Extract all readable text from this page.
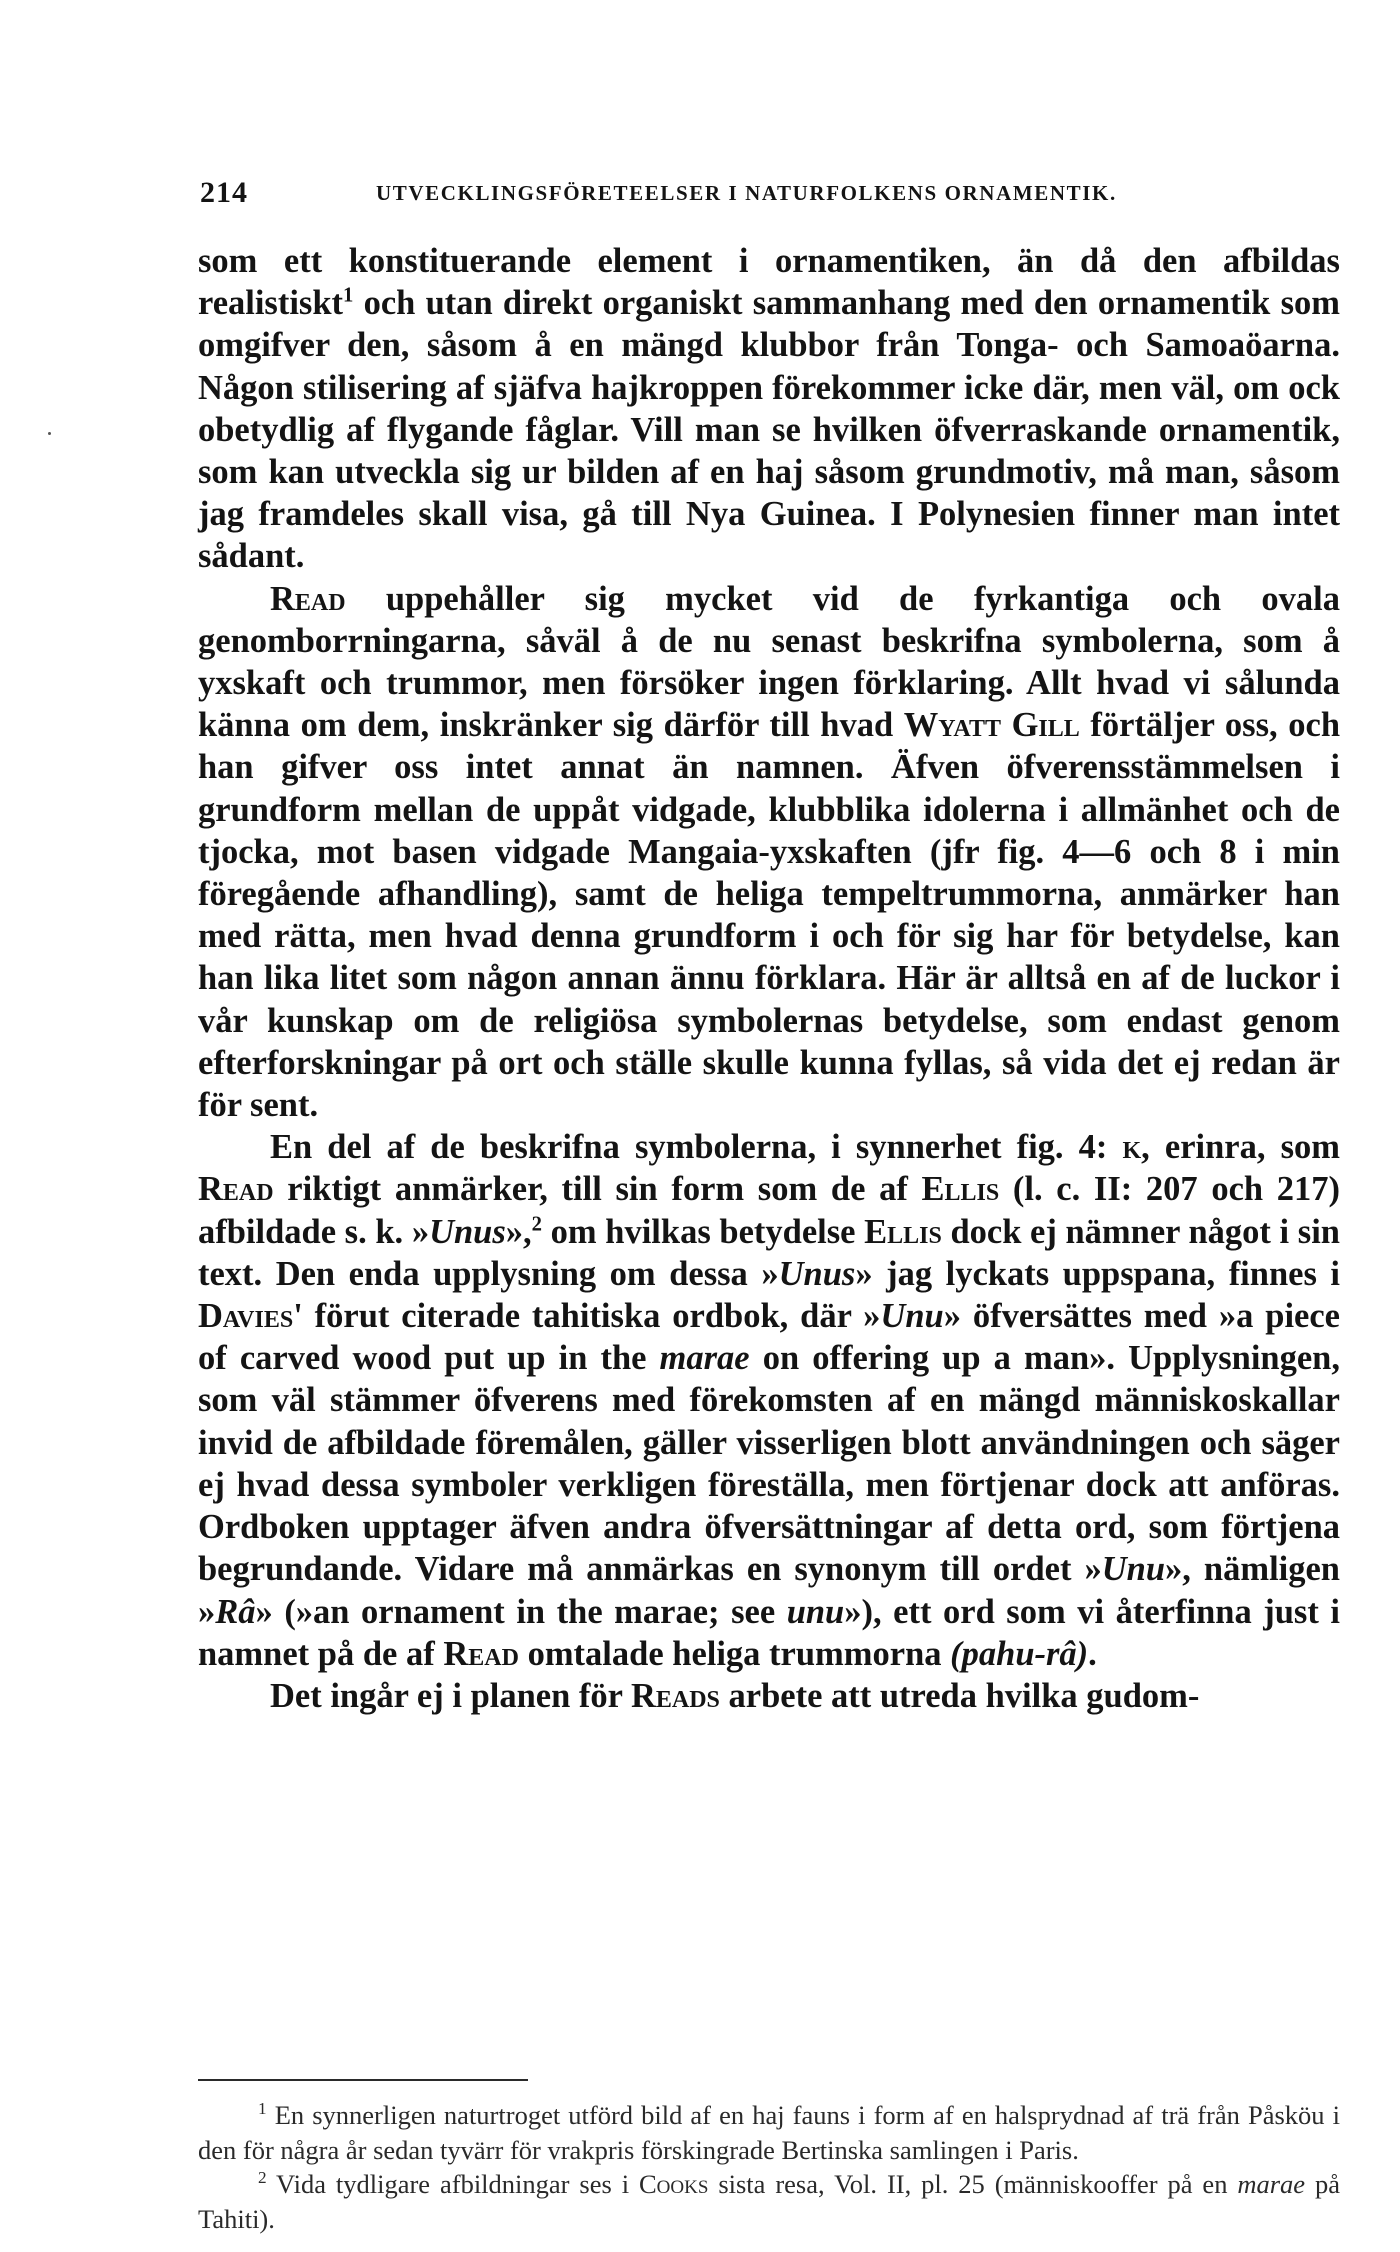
214	UTVECKLINGSFÖRETEELSER I NATURFOLKENS ORNAMENTIK.

som ett konstituerande element i ornamentiken, än då den afbildas realistiskt$^1$ och utan direkt organiskt sammanhang med den ornamentik som omgifver den, såsom å en mängd klubbor från Tonga- och Samoaöarna. Någon stilisering af sjäfva hajkroppen förekommer icke där, men väl, om ock obetydlig af flygande fåglar. Vill man se hvilken öfverraskande ornamentik, som kan utveckla sig ur bilden af en haj såsom grundmotiv, må man, såsom jag framdeles skall visa, gå till Nya Guinea. I Polynesien finner man intet sådant.

Read uppehåller sig mycket vid de fyrkantiga och ovala genomborrningarna, såväl å de nu senast beskrifna symbolerna, som å yxskaft och trummor, men försöker ingen förklaring. Allt hvad vi sålunda känna om dem, inskränker sig därför till hvad Wyatt Gill förtäljer oss, och han gifver oss intet annat än namnen. Äfven öfverensstämmelsen i grundform mellan de uppåt vidgade, klubblika idolerna i allmänhet och de tjocka, mot basen vidgade Mangaia-yxskaften (jfr fig. 4—6 och 8 i min föregående afhandling), samt de heliga tempeltrummorna, anmärker han med rätta, men hvad denna grundform i och för sig har för betydelse, kan han lika litet som någon annan ännu förklara. Här är alltså en af de luckor i vår kunskap om de religiösa symbolernas betydelse, som endast genom efterforskningar på ort och ställe skulle kunna fyllas, så vida det ej redan är för sent.

En del af de beskrifna symbolerna, i synnerhet fig. 4: k, erinra, som Read riktigt anmärker, till sin form som de af Ellis (l. c. II: 207 och 217) afbildade s. k. »Unus»,$^2$ om hvilkas betydelse Ellis dock ej nämner något i sin text. Den enda upplysning om dessa »Unus» jag lyckats uppspana, finnes i Davies' förut citerade tahitiska ordbok, där »Unu» öfversättes med »a piece of carved wood put up in the marae on offering up a man». Upplysningen, som väl stämmer öfverens med förekomsten af en mängd människoskallar invid de afbildade föremålen, gäller visserligen blott användningen och säger ej hvad dessa symboler verkligen föreställa, men förtjenar dock att anföras. Ordboken upptager äfven andra öfversättningar af detta ord, som förtjena begrundande. Vidare må anmärkas en synonym till ordet »Unu», nämligen »Râ» (»an ornament in the marae; see unu»), ett ord som vi återfinna just i namnet på de af Read omtalade heliga trummorna (pahu-râ).

Det ingår ej i planen för Reads arbete att utreda hvilka gudom-

$^1$ En synnerligen naturtroget utförd bild af en haj fauns i form af en halsprydnad af trä från Påsköu i den för några år sedan tyvärr för vrakpris förskingrade Bertinska samlingen i Paris.

$^2$ Vida tydligare afbildningar ses i Cooks sista resa, Vol. II, pl. 25 (människooffer på en marae på Tahiti).
